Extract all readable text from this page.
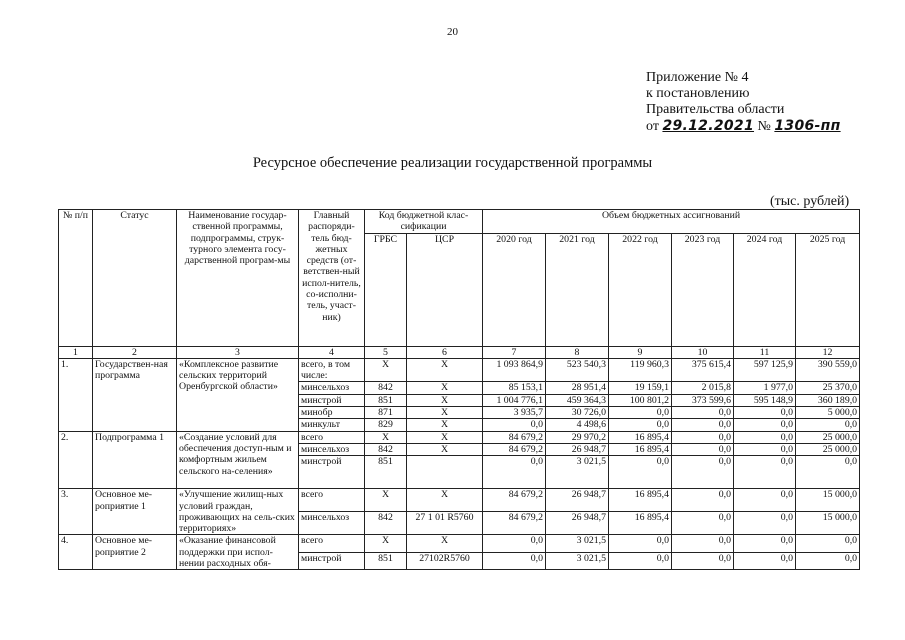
20
Приложение № 4
к постановлению
Правительства области
от 29.12.2021 № 1306-пп
Ресурсное обеспечение реализации государственной программы
(тыс. рублей)
№ п/п	Статус	Наименование государ-ственной программы, подпрограммы, струк-турного элемента госу-дарственной програм-мы	Главный распоряди-тель бюд-жетных средств (от-ветствен-ный испол-нитель, со-исполни-тель, участ-ник)	Код бюджетной клас-сификации		Объем бюджетных ассигнований					
				ГРБС	ЦСР	2020 год	2021 год	2022 год	2023 год	2024 год	2025 год
1	2	3	4	5	6	7	8	9	10	11	12
1.	Государствен-ная программа	«Комплексное развитие сельских территорий Оренбургской области»	всего, в том числе:	Х	Х	1 093 864,9	523 540,3	119 960,3	375 615,4	597 125,9	390 559,0
			минсельхоз	842	Х	85 153,1	28 951,4	19 159,1	2 015,8	1 977,0	25 370,0
			минстрой	851	Х	1 004 776,1	459 364,3	100 801,2	373 599,6	595 148,9	360 189,0
			минобр	871	Х	3 935,7	30 726,0	0,0	0,0	0,0	5 000,0
			минкульт	829	Х	0,0	4 498,6	0,0	0,0	0,0	0,0
2.	Подпрограмма 1	«Создание условий для обеспечения доступ-ным и комфортным жильем сельского на-селения»	всего	Х	Х	84 679,2	29 970,2	16 895,4	0,0	0,0	25 000,0
			минсельхоз	842	Х	84 679,2	26 948,7	16 895,4	0,0	0,0	25 000,0
			минстрой	851		0,0	3 021,5	0,0	0,0	0,0	0,0
3.	Основное ме-роприятие 1	«Улучшение жилищ-ных условий граждан, проживающих на сель-ских территориях»	всего	Х	Х	84 679,2	26 948,7	16 895,4	0,0	0,0	15 000,0
			минсельхоз	842	27 1 01 R5760	84 679,2	26 948,7	16 895,4	0,0	0,0	15 000,0
4.	Основное ме-роприятие 2	«Оказание финансовой поддержки при испол-нении расходных обя-	всего	Х	Х	0,0	3 021,5	0,0	0,0	0,0	0,0
			минстрой	851	27102R5760	0,0	3 021,5	0,0	0,0	0,0	0,0
